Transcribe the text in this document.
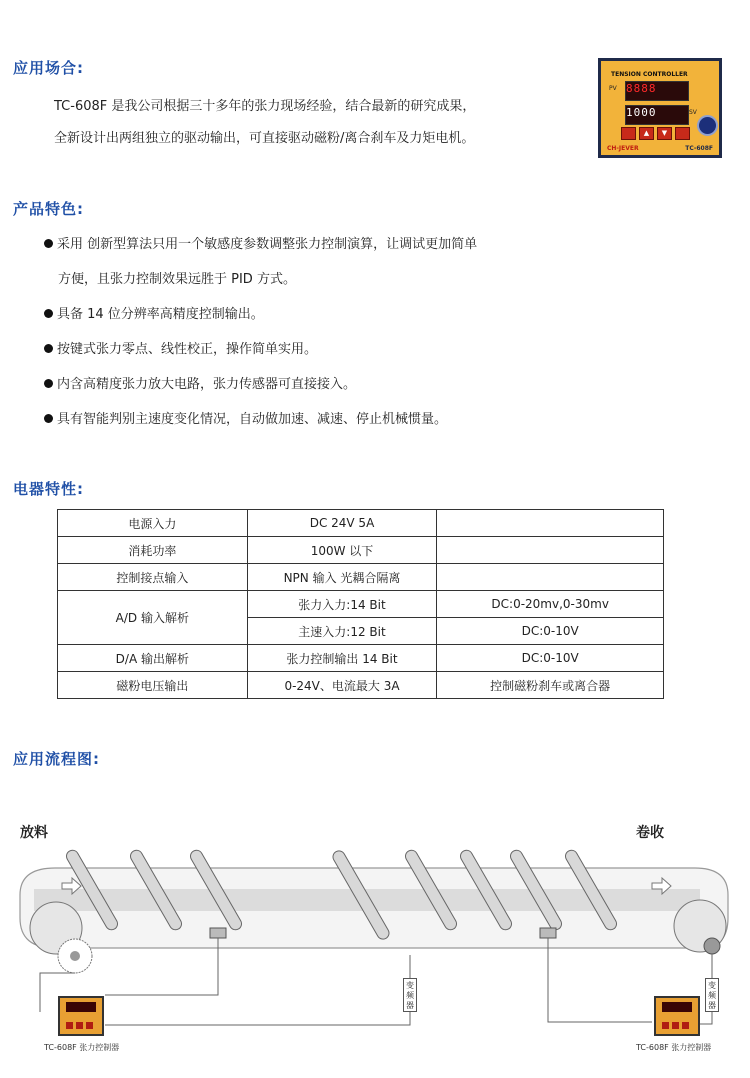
应用场合:
TC-608F 是我公司根据三十多年的张力现场经验，结合最新的研究成果，
全新设计出两组独立的驱动输出，可直接驱动磁粉/离合刹车及力矩电机。
TENSION CONTROLLER
PV 8888
SV
1000
▲	▼
CH-JEVER	TC-608F
产品特色:
采用 创新型算法只用一个敏感度参数调整张力控制演算，让调试更加简单
方便，且张力控制效果远胜于 PID 方式。
具备 14 位分辨率高精度控制输出。
按键式张力零点、线性校正，操作简单实用。
内含高精度张力放大电路，张力传感器可直接接入。
具有智能判别主速度变化情况，自动做加速、减速、停止机械惯量。
电器特性:
电源入力	DC 24V 5A	
消耗功率	100W 以下	
控制接点输入	NPN 输入 光耦合隔离	
A/D 输入解析	张力入力:14 Bit	DC:0-20mv,0-30mv
	主速入力:12 Bit	DC:0-10V
D/A 输出解析	张力控制输出 14 Bit	DC:0-10V
磁粉电压输出	0-24V、电流最大 3A	控制磁粉刹车或离合器
应用流程图:
放料	卷收
TC-608F 张力控制器	TC-608F 张力控制器
变频器
变频器
